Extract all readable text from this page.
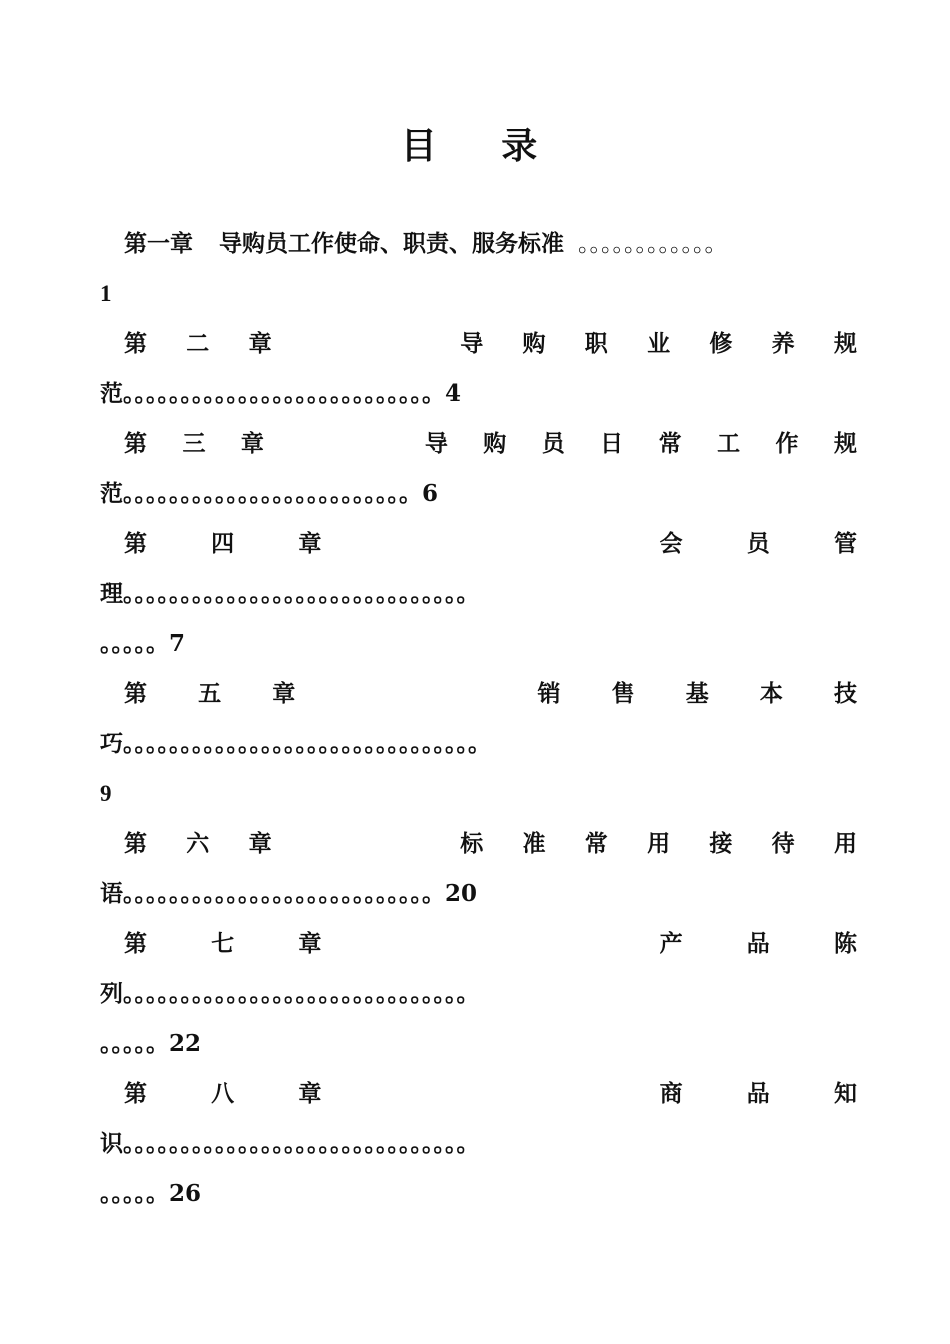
目 录
第一章 导购员工作使命、职责、服务标准 。。。。。。。。。。。。
1
第 二 章	导 购 职 业 修 养 规
范。。。。。。。。。。。。。。。。。。。。。。。。。。。4
第 三 章	导 购 员 日 常 工 作 规
范。。。。。。。。。。。。。。。。。。。。。。。。。6
第	四	章	会	员	管
理。。。。。。。。。。。。。。。。。。。。。。。。。。。。。。
。。。。。7
第 五 章	销 售 基 本 技
巧。。。。。。。。。。。。。。。。。。。。。。。。。。。。。。。
9
第 六 章	标 准 常 用 接 待 用
语。。。。。。。。。。。。。。。。。。。。。。。。。。。20
第	七	章	产	品	陈
列。。。。。。。。。。。。。。。。。。。。。。。。。。。。。。
。。。。。22
第	八	章	商	品	知
识。。。。。。。。。。。。。。。。。。。。。。。。。。。。。。
。。。。。26
